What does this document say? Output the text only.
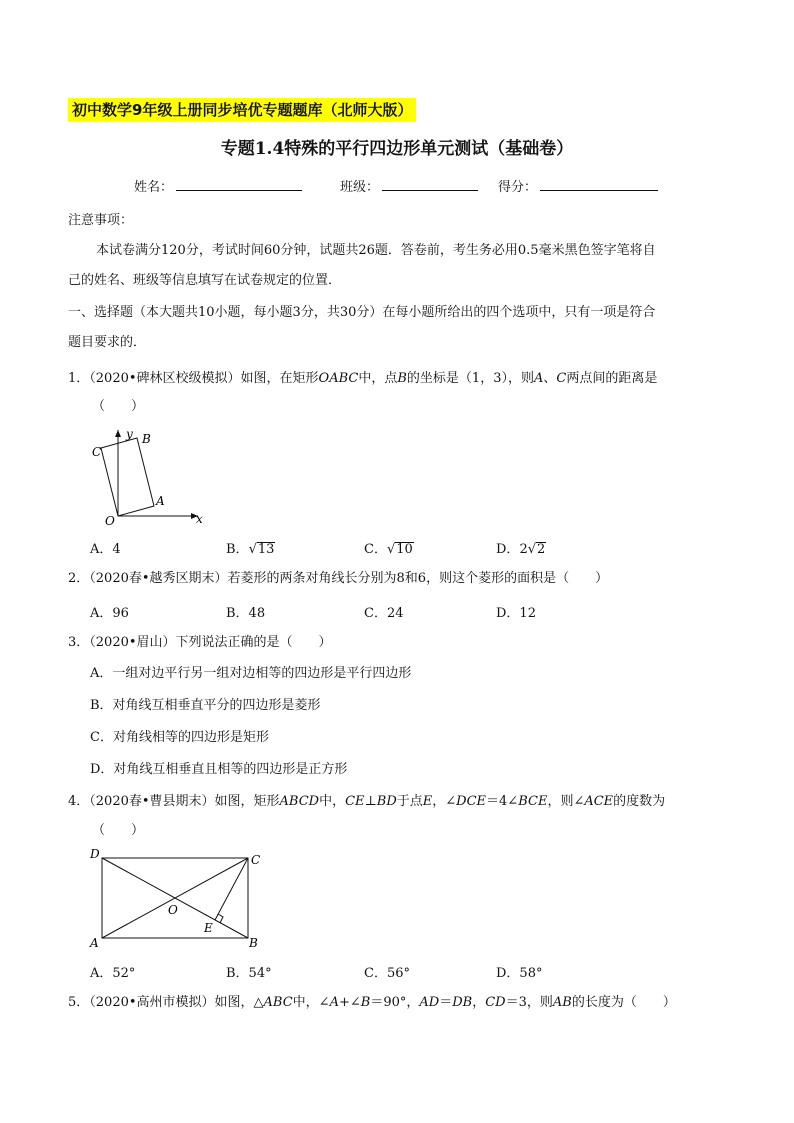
初中数学9年级上册同步培优专题题库（北师大版）
专题1.4特殊的平行四边形单元测试（基础卷）
姓名：	班级：	得分：
注意事项：
本试卷满分120分，考试时间60分钟，试题共26题．答卷前，考生务必用0.5毫米黑色签字笔将自
己的姓名、班级等信息填写在试卷规定的位置．
一、选择题（本大题共10小题，每小题3分，共30分）在每小题所给出的四个选项中，只有一项是符合
题目要求的．
1．（2020•碑林区校级模拟）如图，在矩形OABC中，点B的坐标是（1，3），则A、C两点间的距离是
（　　）
y
x
O
A
B
C
A．4	B．√13	C．√10	D．2√2
2．（2020春•越秀区期末）若菱形的两条对角线长分别为8和6，则这个菱形的面积是（　　）
A．96	B．48	C．24	D．12
3．（2020•眉山）下列说法正确的是（　　）
A．一组对边平行另一组对边相等的四边形是平行四边形
B．对角线互相垂直平分的四边形是菱形
C．对角线相等的四边形是矩形
D．对角线互相垂直且相等的四边形是正方形
4．（2020春•曹县期末）如图，矩形ABCD中，CE⊥BD于点E，∠DCE＝4∠BCE，则∠ACE的度数为
（　　）
D	C
A	B
O
E
A．52°	B．54°	C．56°	D．58°
5．（2020•高州市模拟）如图，△ABC中，∠A+∠B＝90°，AD＝DB，CD＝3，则AB的长度为（　　）
